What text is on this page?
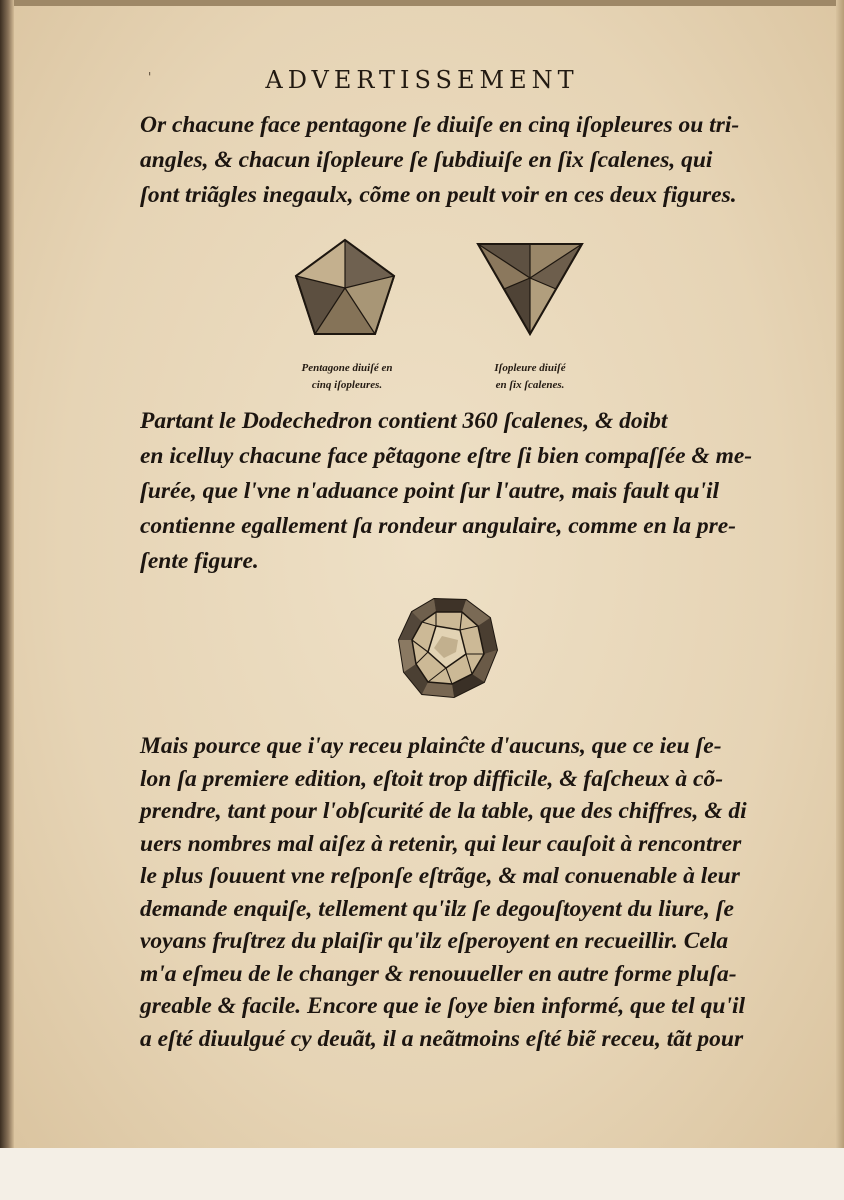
'	ADVERTISSEMENT
Or chacune face pentagone ſe diuiſe en cinq iſopleures ou tri-
angles, & chacun iſopleure ſe ſubdiuiſe en ſix ſcalenes, qui
ſont triãgles inegaulx, cõme on peult voir en ces deux figures.
Pentagone diuiſé en
cinq iſopleures.
Iſopleure diuiſé
en ſix ſcalenes.
Partant le Dodechedron contient 360 ſcalenes, & doibt
en icelluy chacune face pẽtagone eſtre ſi bien compaſſée & me-
ſurée, que l'vne n'aduance point ſur l'autre, mais fault qu'il
contienne egallement ſa rondeur angulaire, comme en la pre-
ſente figure.
Mais pource que i'ay receu plainĉte d'aucuns, que ce ieu ſe-
lon ſa premiere edition, eſtoit trop difficile, & faſcheux à cõ-
prendre, tant pour l'obſcurité de la table, que des chiffres, & di
uers nombres mal aiſez à retenir, qui leur cauſoit à rencontrer
le plus ſouuent vne reſponſe eſtrãge, & mal conuenable à leur
demande enquiſe, tellement qu'ilz ſe degouſtoyent du liure, ſe
voyans fruſtrez du plaiſir qu'ilz eſperoyent en recueillir. Cela
m'a eſmeu de le changer & renouueller en autre forme pluſa-
greable & facile. Encore que ie ſoye bien informé, que tel qu'il
a eſté diuulgué cy deuãt, il a neãtmoins eſté biẽ receu, tãt pour
